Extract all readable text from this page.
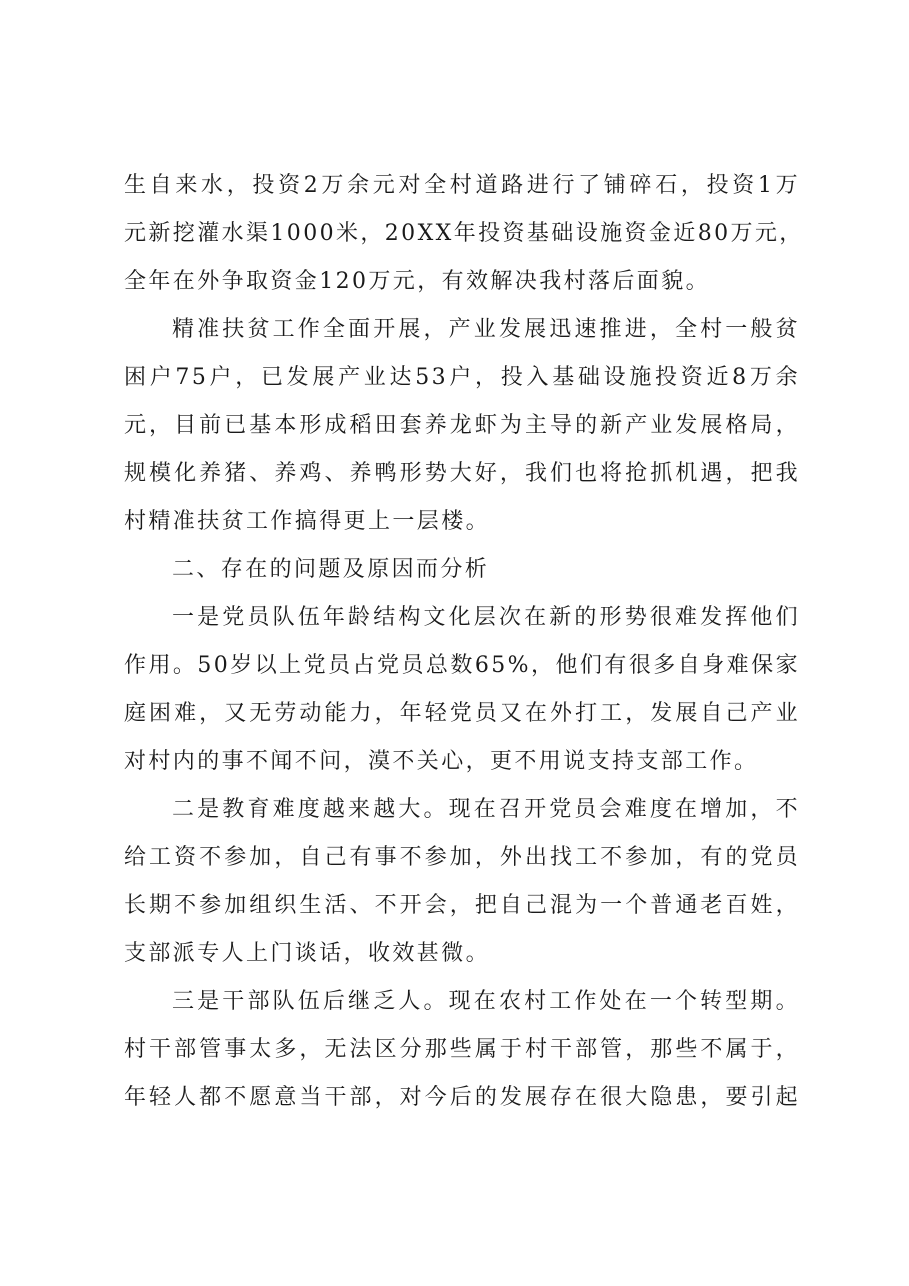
生自来水，投资2万余元对全村道路进行了铺碎石，投资1万
元新挖灌水渠1000米，20XX年投资基础设施资金近80万元，
全年在外争取资金120万元，有效解决我村落后面貌。
精准扶贫工作全面开展，产业发展迅速推进，全村一般贫
困户75户，已发展产业达53户，投入基础设施投资近8万余
元，目前已基本形成稻田套养龙虾为主导的新产业发展格局，
规模化养猪、养鸡、养鸭形势大好，我们也将抢抓机遇，把我
村精准扶贫工作搞得更上一层楼。
二、存在的问题及原因而分析
一是党员队伍年龄结构文化层次在新的形势很难发挥他们
作用。50岁以上党员占党员总数65%，他们有很多自身难保家
庭困难，又无劳动能力，年轻党员又在外打工，发展自己产业
对村内的事不闻不问，漠不关心，更不用说支持支部工作。
二是教育难度越来越大。现在召开党员会难度在增加，不
给工资不参加，自己有事不参加，外出找工不参加，有的党员
长期不参加组织生活、不开会，把自己混为一个普通老百姓，
支部派专人上门谈话，收效甚微。
三是干部队伍后继乏人。现在农村工作处在一个转型期。
村干部管事太多，无法区分那些属于村干部管，那些不属于，
年轻人都不愿意当干部，对今后的发展存在很大隐患，要引起
